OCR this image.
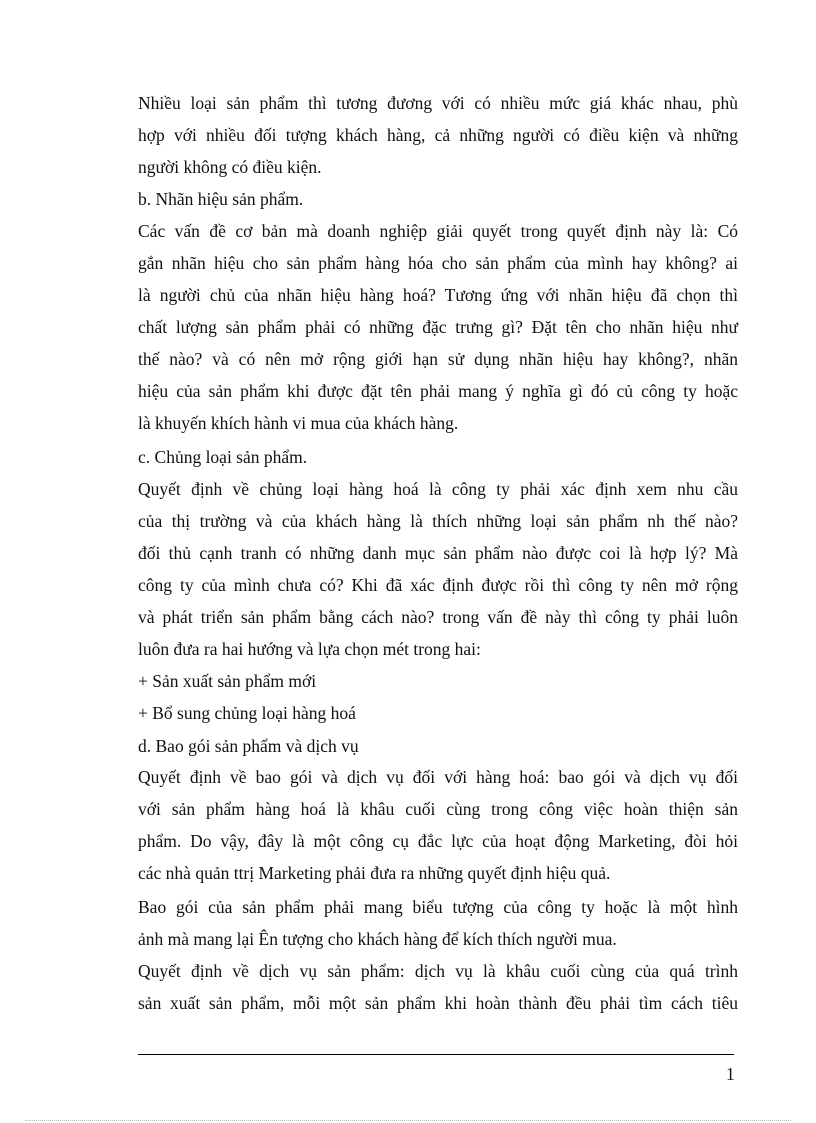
Nhiều loại sản phẩm thì tương đương với có nhiều mức giá khác nhau, phù
hợp với nhiều đối tượng khách hàng, cả những người có điều kiện và những
người không có điều kiện.
b. Nhãn hiệu sản phẩm.
Các vấn đề cơ bản mà doanh nghiệp giải quyết trong quyết định này là: Có
gắn nhãn hiệu cho sản phẩm hàng hóa cho sản phẩm của mình hay không? ai
là người chủ của nhãn hiệu hàng hoá? Tương ứng với nhãn hiệu đã chọn thì
chất lượng sản phẩm phải có những đặc trưng gì? Đặt tên cho nhãn hiệu như
thế nào? và có nên mở rộng giới hạn sử dụng nhãn hiệu hay không?, nhãn
hiệu của sản phẩm khi được đặt tên phải mang ý nghĩa gì đó củ công ty hoặc
là khuyến khích hành vi mua của khách hàng.
c. Chủng loại sản phẩm.
Quyết định về chủng loại hàng hoá là công ty phải xác định xem nhu cầu
của thị trường và của khách hàng là thích những loại sản phẩm nh thế nào?
đối thủ cạnh tranh có những danh mục sản phẩm nào được coi là hợp lý? Mà
công ty của mình chưa có? Khi đã xác định được rồi thì công ty nên mở rộng
và phát triển sản phẩm bằng cách nào? trong vấn đề này thì công ty phải luôn
luôn đưa ra hai hướng và lựa chọn mét trong hai:
+ Sản xuất sản phẩm mới
+ Bổ sung chủng loại hàng hoá
d. Bao gói sản phẩm và dịch vụ
Quyết định về bao gói và dịch vụ đối với hàng hoá: bao gói và dịch vụ đối
với sản phẩm hàng hoá là khâu cuối cùng trong công việc hoàn thiện sản
phẩm. Do vậy, đây là một công cụ đắc lực của hoạt động Marketing, đòi hỏi
các nhà quản ttrị Marketing phải đưa ra những quyết định hiệu quả.
Bao gói của sản phẩm phải mang biểu tượng của công ty hoặc là một hình
ảnh mà mang lại Ên tượng cho khách hàng để kích thích người mua.
Quyết định về dịch vụ sản phẩm: dịch vụ là khâu cuối cùng của quá trình
sản xuất sản phẩm, mỗi một sản phẩm khi hoàn thành đều phải tìm cách tiêu
1
